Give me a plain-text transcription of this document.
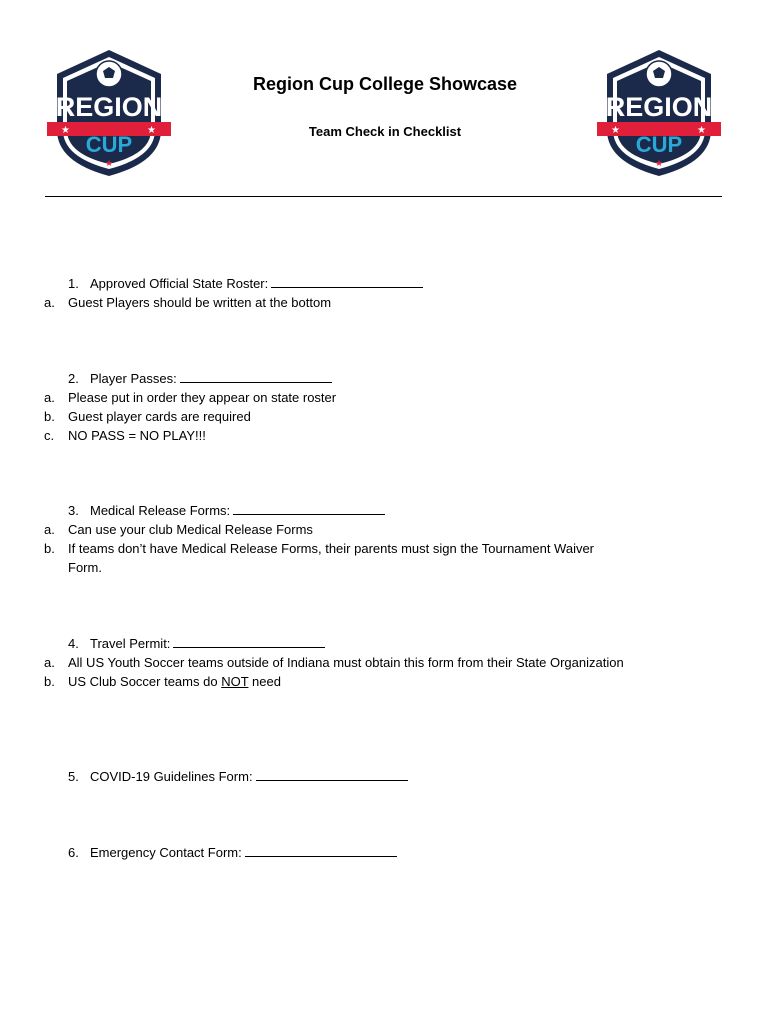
★	★
REGION
CUP
★
★	★
REGION
CUP
★
Region Cup College Showcase
Team Check in Checklist
1. Approved Official State Roster:
a. Guest Players should be written at the bottom
2. Player Passes:
a. Please put in order they appear on state roster
b. Guest player cards are required
c. NO PASS = NO PLAY!!!
3. Medical Release Forms:
a. Can use your club Medical Release Forms
b. If teams don’t have Medical Release Forms, their parents must sign the Tournament Waiver Form.
4. Travel Permit:
a. All US Youth Soccer teams outside of Indiana must obtain this form from their State Organization
b. US Club Soccer teams do NOT need
5. COVID-19 Guidelines Form:
6. Emergency Contact Form:
